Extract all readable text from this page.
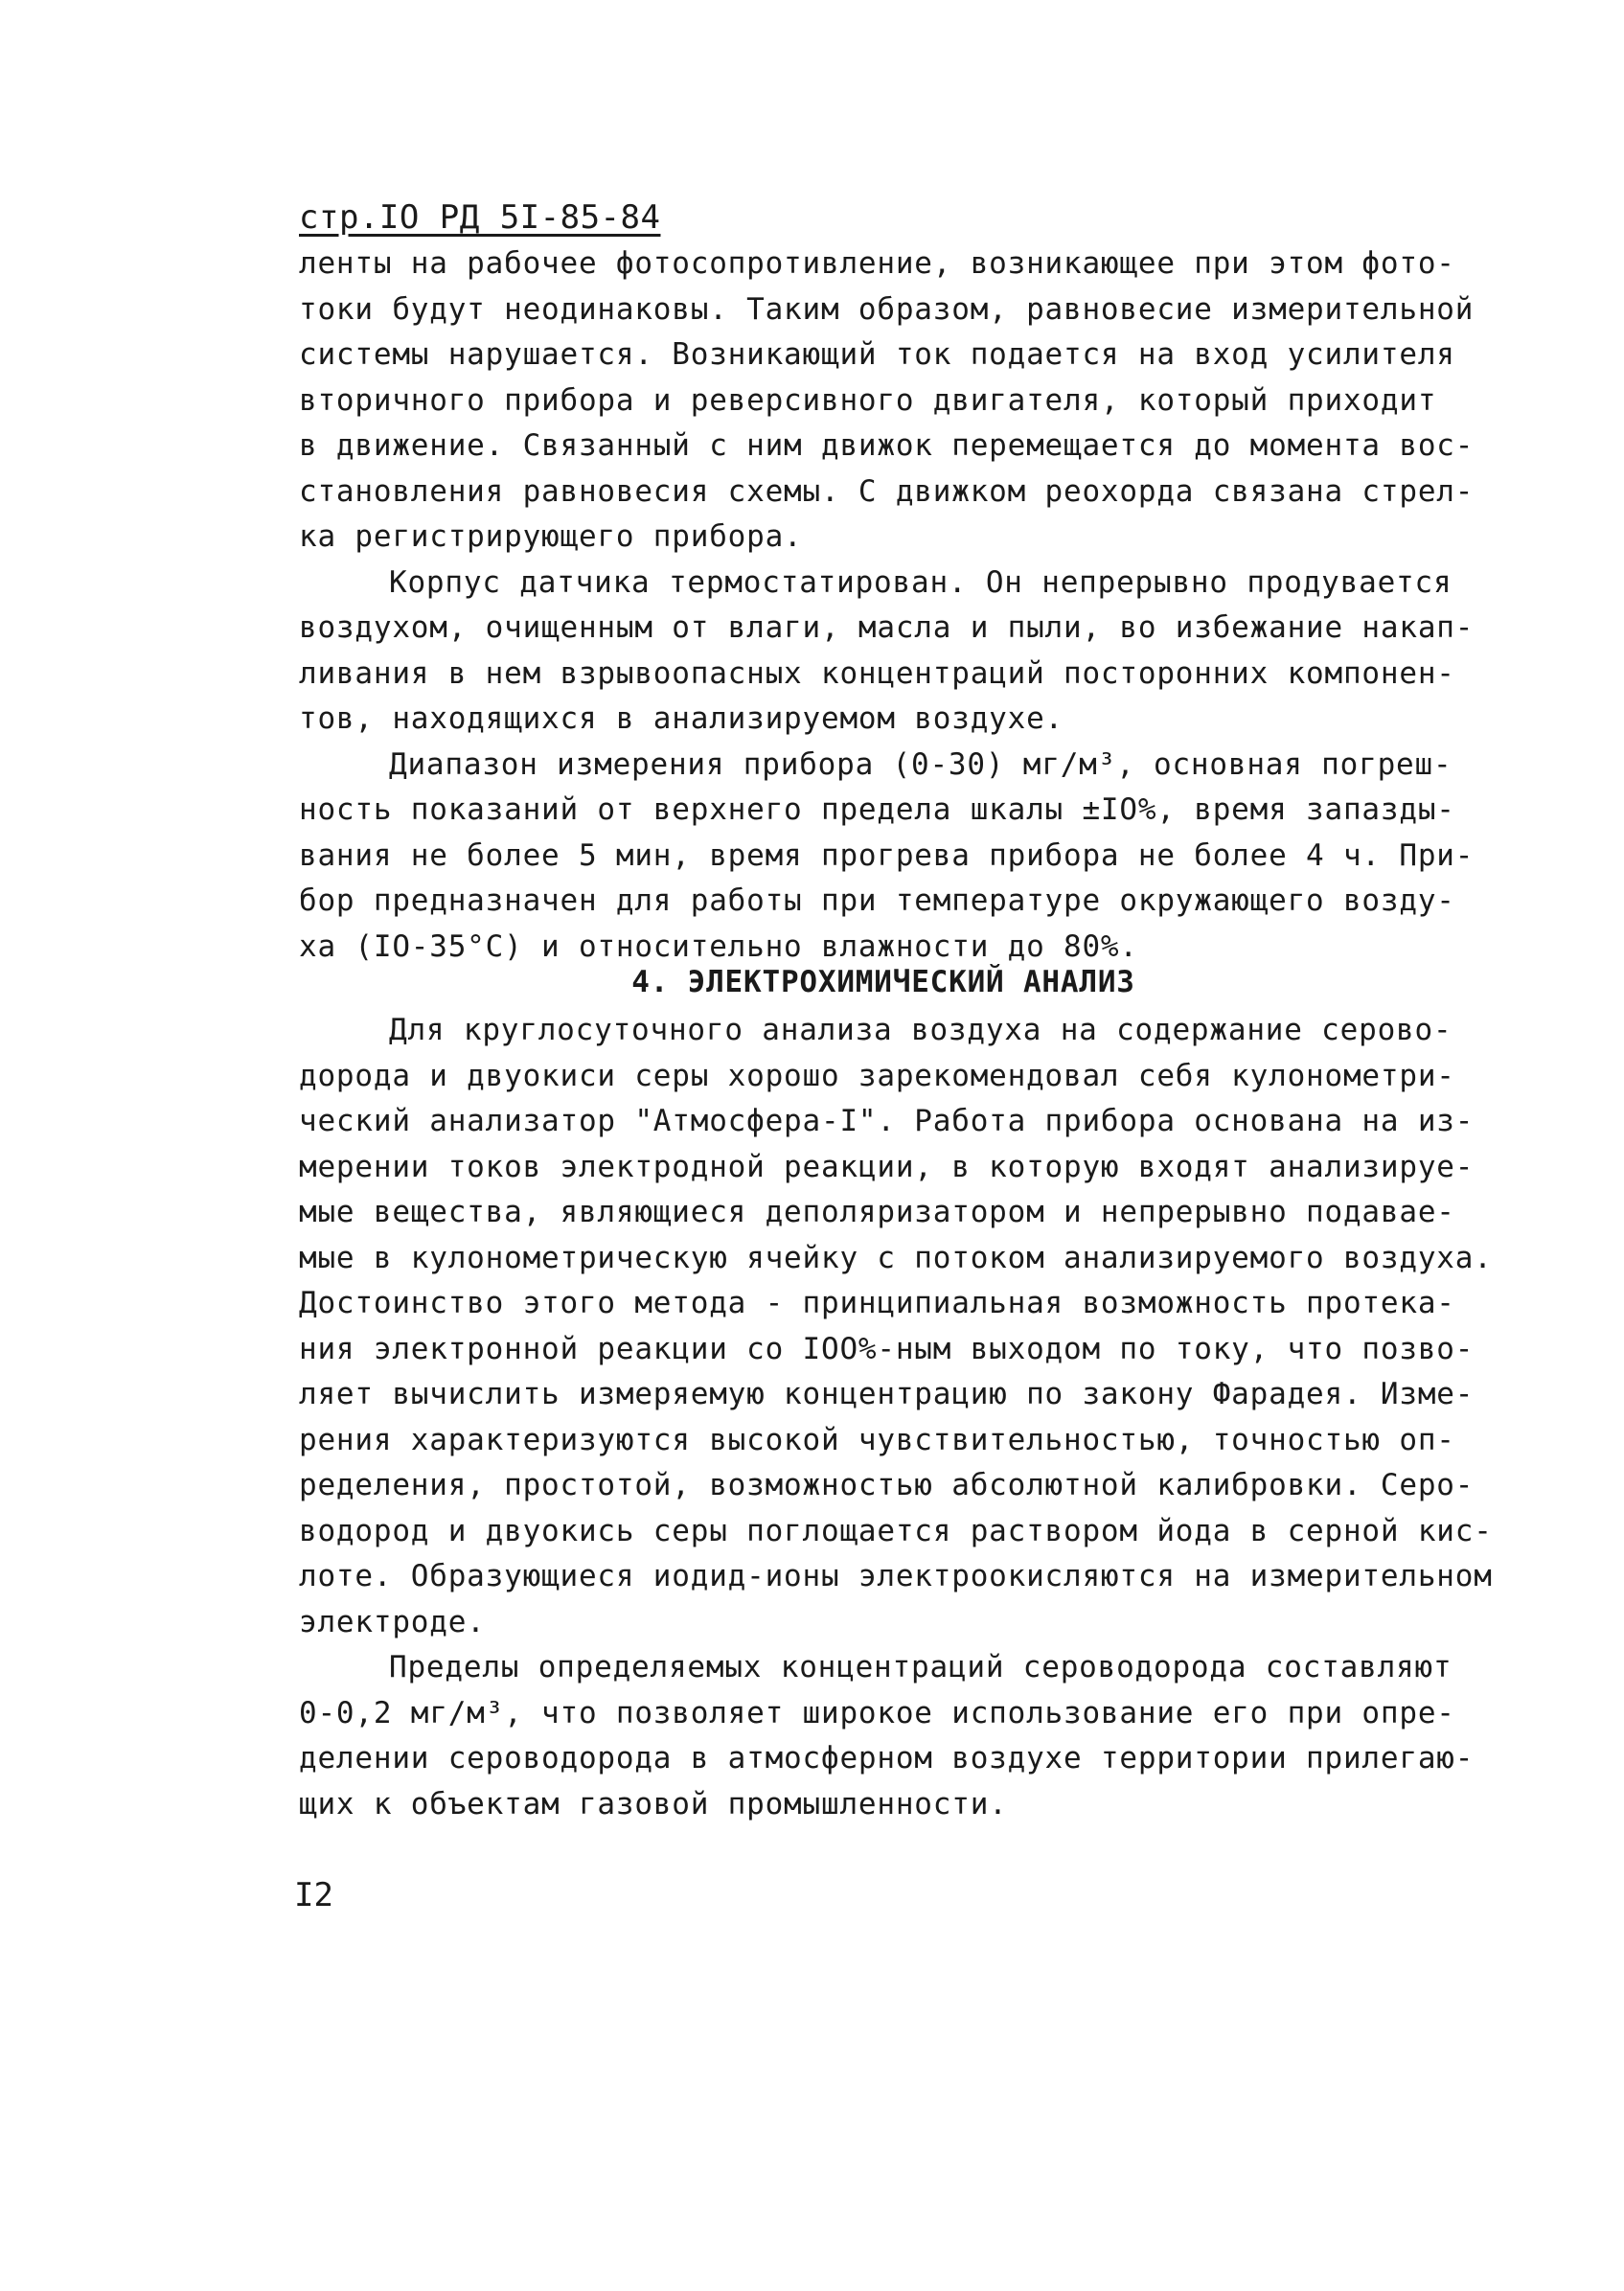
стр.IO РД 5I-85-84
ленты на рабочее фотосопротивление, возникающее при этом фото-
токи будут неодинаковы. Таким образом, равновесие измерительной
системы нарушается. Возникающий ток подается на вход усилителя
вторичного прибора и реверсивного двигателя, который приходит
в движение. Связанный с ним движок перемещается до момента вос-
становления равновесия схемы. С движком реохорда связана стрел-
ка регистрирующего прибора.
Корпус датчика термостатирован. Он непрерывно продувается
воздухом, очищенным от влаги, масла и пыли, во избежание накап-
ливания в нем взрывоопасных концентраций посторонних компонен-
тов, находящихся в анализируемом воздухе.
Диапазон измерения прибора (0-30) мг/м³, основная погреш-
ность показаний от верхнего предела шкалы ±IO%, время запазды-
вания не более 5 мин, время прогрева прибора не более 4 ч. При-
бор предназначен для работы при температуре окружающего возду-
ха (IO-35°С) и относительно влажности до 80%.
4. ЭЛЕКТРОХИМИЧЕСКИЙ АНАЛИЗ
Для круглосуточного анализа воздуха на содержание серово-
дорода и двуокиси серы хорошо зарекомендовал себя кулонометри-
ческий анализатор "Атмосфера-I". Работа прибора основана на из-
мерении токов электродной реакции, в которую входят анализируе-
мые вещества, являющиеся деполяризатором и непрерывно подавае-
мые в кулонометрическую ячейку с потоком анализируемого воздуха.
Достоинство этого метода - принципиальная возможность протека-
ния электронной реакции со IOO%-ным выходом по току, что позво-
ляет вычислить измеряемую концентрацию по закону Фарадея. Изме-
рения характеризуются высокой чувствительностью, точностью оп-
ределения, простотой, возможностью абсолютной калибровки. Серо-
водород и двуокись серы поглощается раствором йода в серной кис-
лоте. Образующиеся иодид-ионы электроокисляются на измерительном
электроде.
Пределы определяемых концентраций сероводорода составляют
0-0,2 мг/м³, что позволяет широкое использование его при опре-
делении сероводорода в атмосферном воздухе территории прилегаю-
щих к объектам газовой промышленности.
I2
